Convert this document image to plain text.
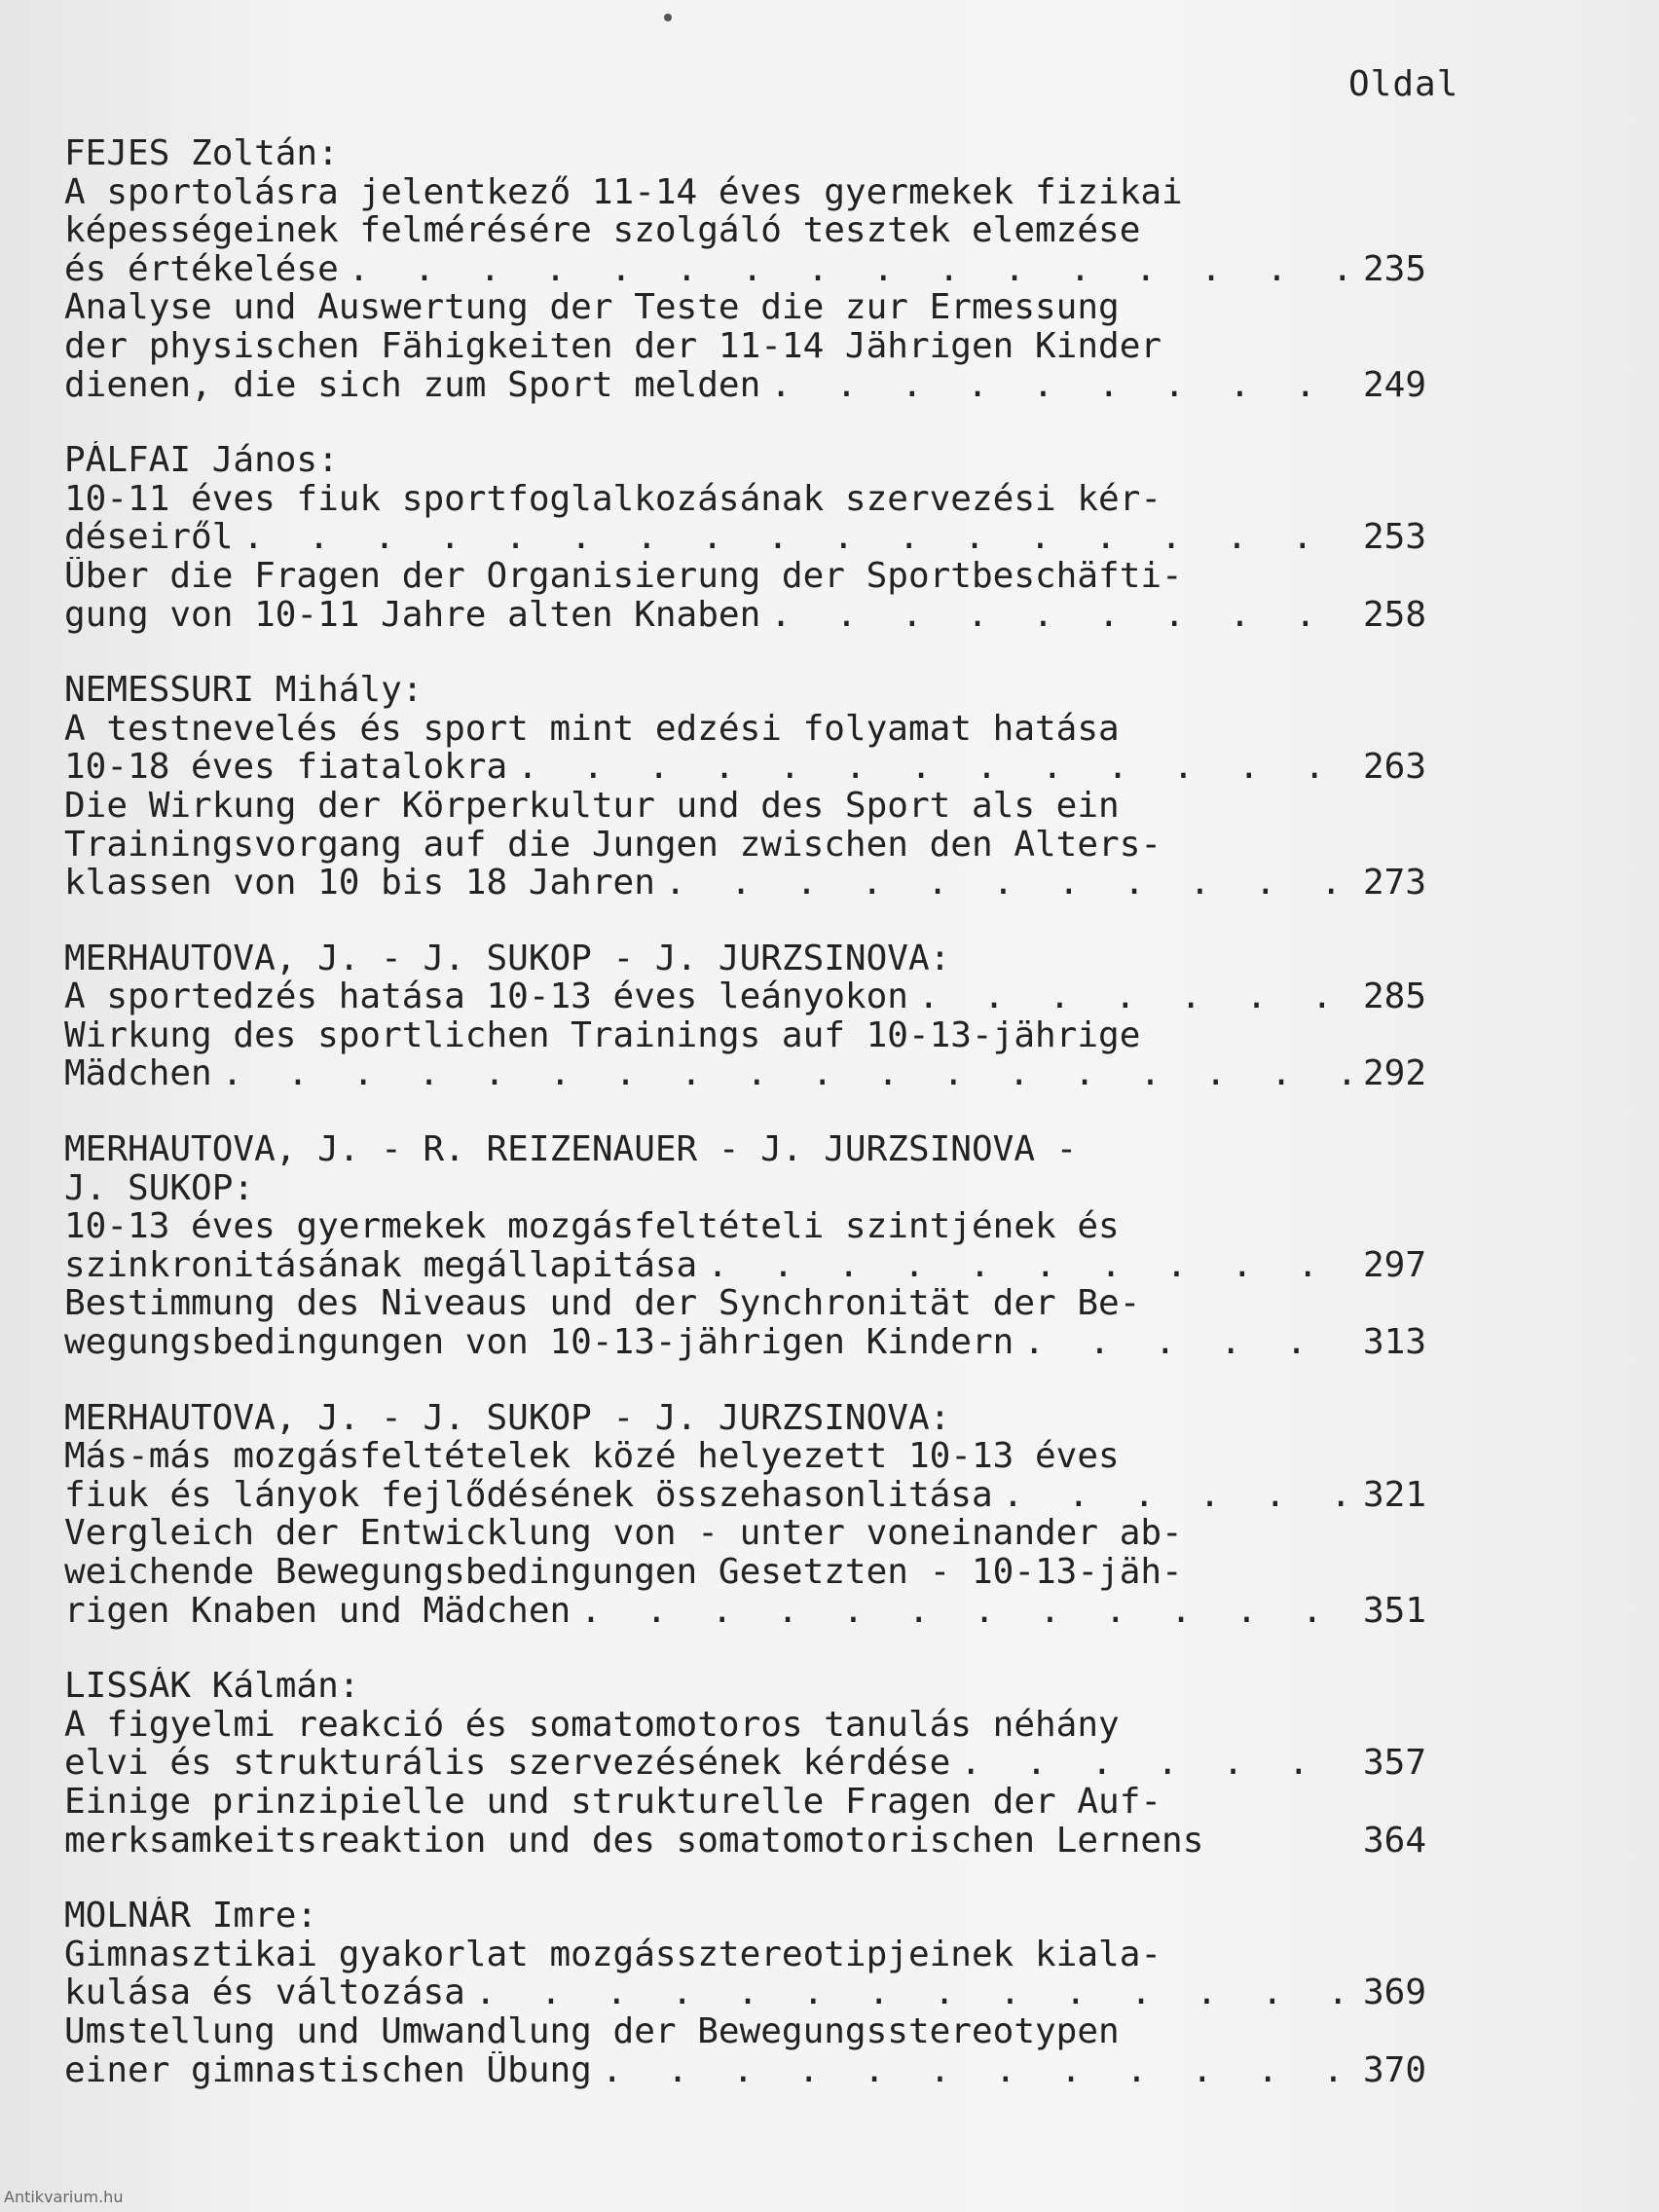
Oldal
FEJES Zoltán:
A sportolásra jelentkező 11-14 éves gyermekek fizikai
képességeinek felmérésére szolgáló tesztek elemzése
és értékelése . . .	235
Analyse und Auswertung der Teste die zur Ermessung
der physischen Fähigkeiten der 11-14 Jährigen Kinder
dienen, die sich zum Sport melden . . .	249
PÁLFAI János:
10-11 éves fiuk sportfoglalkozásának szervezési kér-
déseiről . . .	253
Über die Fragen der Organisierung der Sportbeschäfti-
gung von 10-11 Jahre alten Knaben . . .	258
NEMESSURI Mihály:
A testnevelés és sport mint edzési folyamat hatása
10-18 éves fiatalokra . . .	263
Die Wirkung der Körperkultur und des Sport als ein
Trainingsvorgang auf die Jungen zwischen den Alters-
klassen von 10 bis 18 Jahren . . .	273
MERHAUTOVA, J. - J. SUKOP - J. JURZSINOVA:
A sportedzés hatása 10-13 éves leányokon . . .	285
Wirkung des sportlichen Trainings auf 10-13-jährige
Mädchen . . .	292
MERHAUTOVA, J. - R. REIZENAUER - J. JURZSINOVA -
J. SUKOP:
10-13 éves gyermekek mozgásfeltételi szintjének és
szinkronitásának megállapitása . . .	297
Bestimmung des Niveaus und der Synchronität der Be-
wegungsbedingungen von 10-13-jährigen Kindern . . .	313
MERHAUTOVA, J. - J. SUKOP - J. JURZSINOVA:
Más-más mozgásfeltételek közé helyezett 10-13 éves
fiuk és lányok fejlődésének összehasonlitása . . .	321
Vergleich der Entwicklung von - unter voneinander ab-
weichende Bewegungsbedingungen Gesetzten - 10-13-jäh-
rigen Knaben und Mädchen . . .	351
LISSÁK Kálmán:
A figyelmi reakció és somatomotoros tanulás néhány
elvi és strukturális szervezésének kérdése . . .	357
Einige prinzipielle und strukturelle Fragen der Auf-
merksamkeitsreaktion und des somatomotorischen Lernens	364
MOLNÁR Imre:
Gimnasztikai gyakorlat mozgássztereotipjeinek kiala-
kulása és változása . . .	369
Umstellung und Umwandlung der Bewegungsstereotypen
einer gimnastischen Übung . . .	370
Antikvarium.hu
